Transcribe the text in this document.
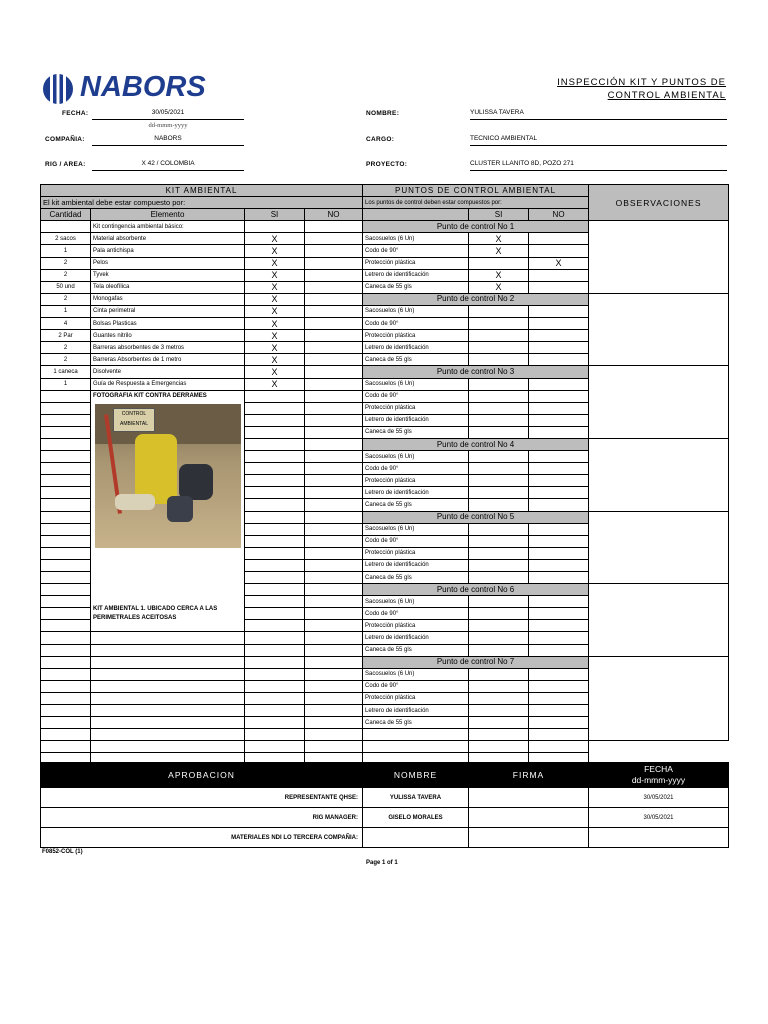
NABORS	INSPECCIÓN KIT Y PUNTOS DE
CONTROL AMBIENTAL
FECHA:	30/05/2021
dd-mmm-yyyy
NOMBRE:	YULISSA TAVERA
COMPAÑIA:	NABORS	CARGO:	TECNICO AMBIENTAL
RIG / AREA:	X 42 / COLOMBIA	PROYECTO:	CLUSTER LLANITO 8D, POZO 271
KIT AMBIENTAL				PUNTOS DE CONTROL AMBIENTAL			OBSERVACIONES
El kit ambiental debe estar compuesto por:				Los puntos de control deben estar compuestos por:			
Cantidad	Elemento	SI	NO		SI	NO	
	Kit contingencia ambiental básico:			Punto de control No 1			
2 sacos	Material absorbente	X		Sacosuelos (6 Un)	X		
1	Pala antichispa	X		Codo de 90°	X		
2	Pelos	X		Protección plástica		X	
2	Tyvek	X		Letrero de identificación	X		
50 und	Tela oleofílica	X		Caneca de 55 gls	X		
2	Monogafas	X		Punto de control No 2			
1	Cinta perimetral	X		Sacosuelos (6 Un)			
4	Bolsas Plasticas	X		Codo de 90°			
2 Par	Guantes nitrilo	X		Protección plástica			
2	Barreras absorbentes de 3 metros	X		Letrero de identificación			
2	Barreras Absorbentes de 1 metro	X		Caneca de 55 gls			
1 caneca	Disolvente	X		Punto de control No 3			
1	Guía de Respuesta a Emergencias	X		Sacosuelos (6 Un)			
	FOTOGRAFIA KIT CONTRA DERRAMES			Codo de 90°			

	CONTROL AMBIENTAL			Protección plástica			
				Letrero de identificación			
				Caneca de 55 gls			
				Punto de control No 4			
				Sacosuelos (6 Un)			
				Codo de 90°			
				Protección plástica			
				Letrero de identificación			
				Caneca de 55 gls			
				Punto de control No 5			
				Sacosuelos (6 Un)			
				Codo de 90°			
				Protección plástica			
				Letrero de identificación			
				Caneca de 55 gls			
				Punto de control No 6			
	KIT AMBIENTAL 1. UBICADO CERCA A LAS PERIMETRALES ACEITOSAS			Sacosuelos (6 Un)			
				Codo de 90°			
				Protección plástica			
				Letrero de identificación			
				Caneca de 55 gls			
				Punto de control No 7			
				Sacosuelos (6 Un)			
				Codo de 90°			
				Protección plástica			
				Letrero de identificación			
				Caneca de 55 gls			

APROBACION	NOMBRE	FIRMA	FECHA
dd-mmm-yyyy

REPRESENTANTE QHSE:	YULISSA TAVERA		30/05/2021
RIG MANAGER:	GISELO MORALES		30/05/2021
MATERIALES NDI LO TERCERA COMPAÑIA:			
F0852-COL (1)
Page 1 of 1
